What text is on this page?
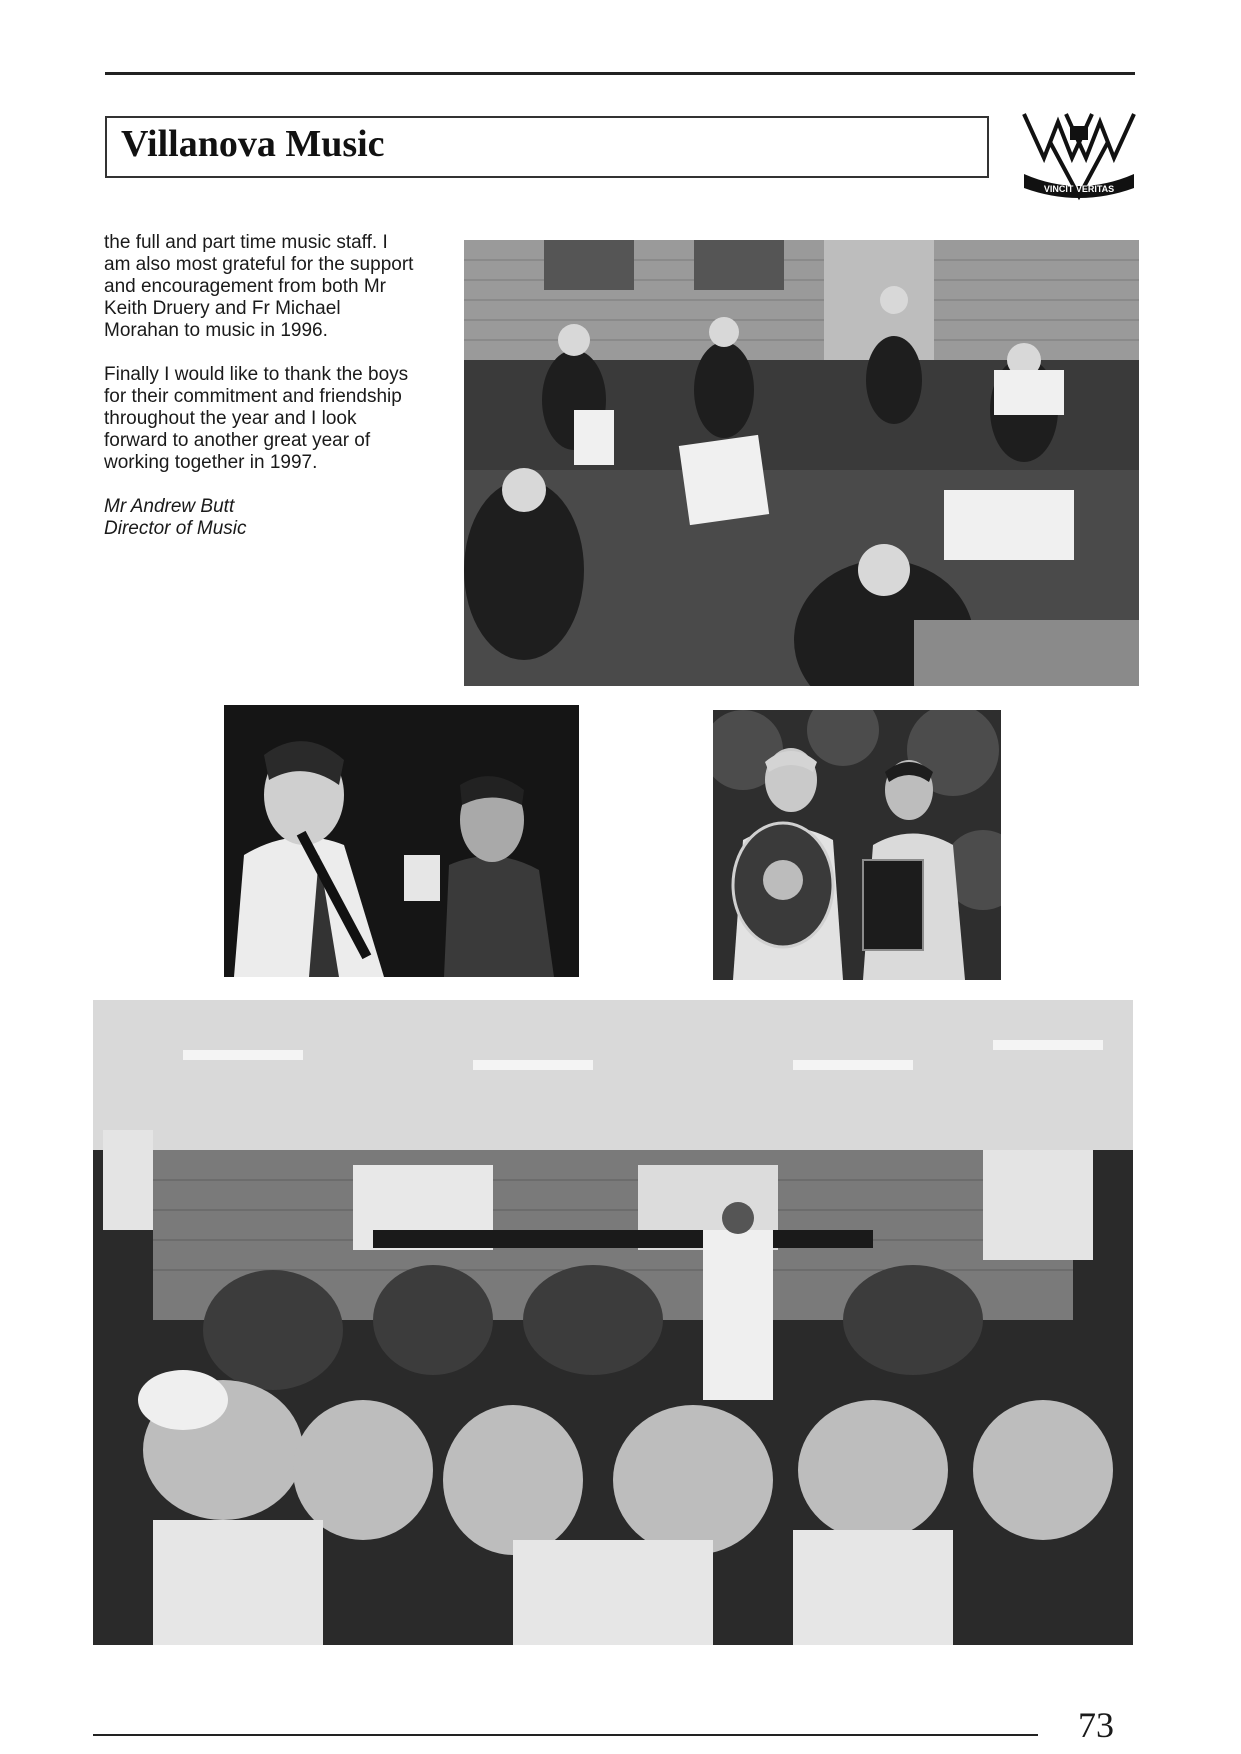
Villanova Music
VINCIT VERITAS

the full and part time music staff. I am also most grateful for the support and encouragement from both Mr Keith Druery and Fr Michael Morahan to music in 1996.

Finally I would like to thank the boys for their commitment and friendship throughout the year and I look forward to another great year of working together in 1997.

Mr Andrew Butt
Director of Music
73
